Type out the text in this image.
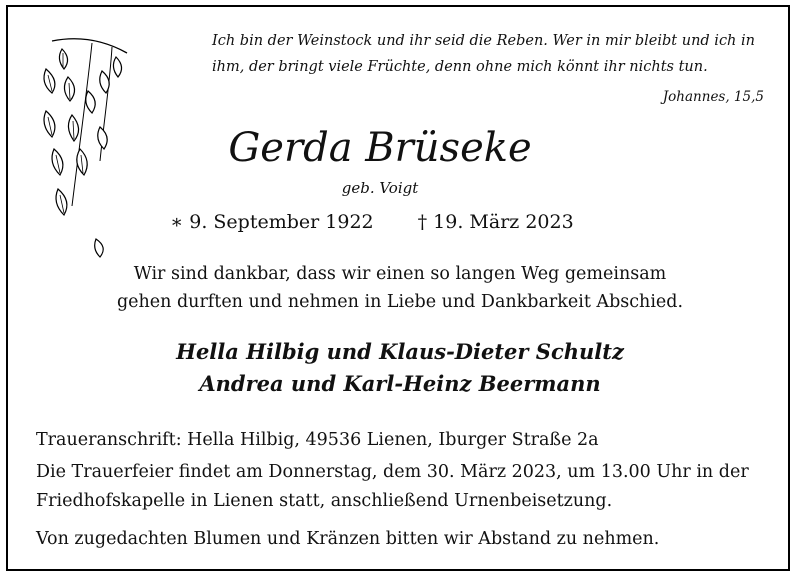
Ich bin der Weinstock und ihr seid die Reben. Wer in mir bleibt und ich in
ihm, der bringt viele Früchte, denn ohne mich könnt ihr nichts tun.
Johannes, 15,5
Gerda Brüseke
geb. Voigt
∗ 9. September 1922 † 19. März 2023
Wir sind dankbar, dass wir einen so langen Weg gemeinsam
gehen durften und nehmen in Liebe und Dankbarkeit Abschied.
Hella Hilbig und Klaus-Dieter Schultz
Andrea und Karl-Heinz Beermann
Traueranschrift: Hella Hilbig, 49536 Lienen, Iburger Straße 2a
Die Trauerfeier findet am Donnerstag, dem 30. März 2023, um 13.00 Uhr in der
Friedhofskapelle in Lienen statt, anschließend Urnenbeisetzung.
Von zugedachten Blumen und Kränzen bitten wir Abstand zu nehmen.
